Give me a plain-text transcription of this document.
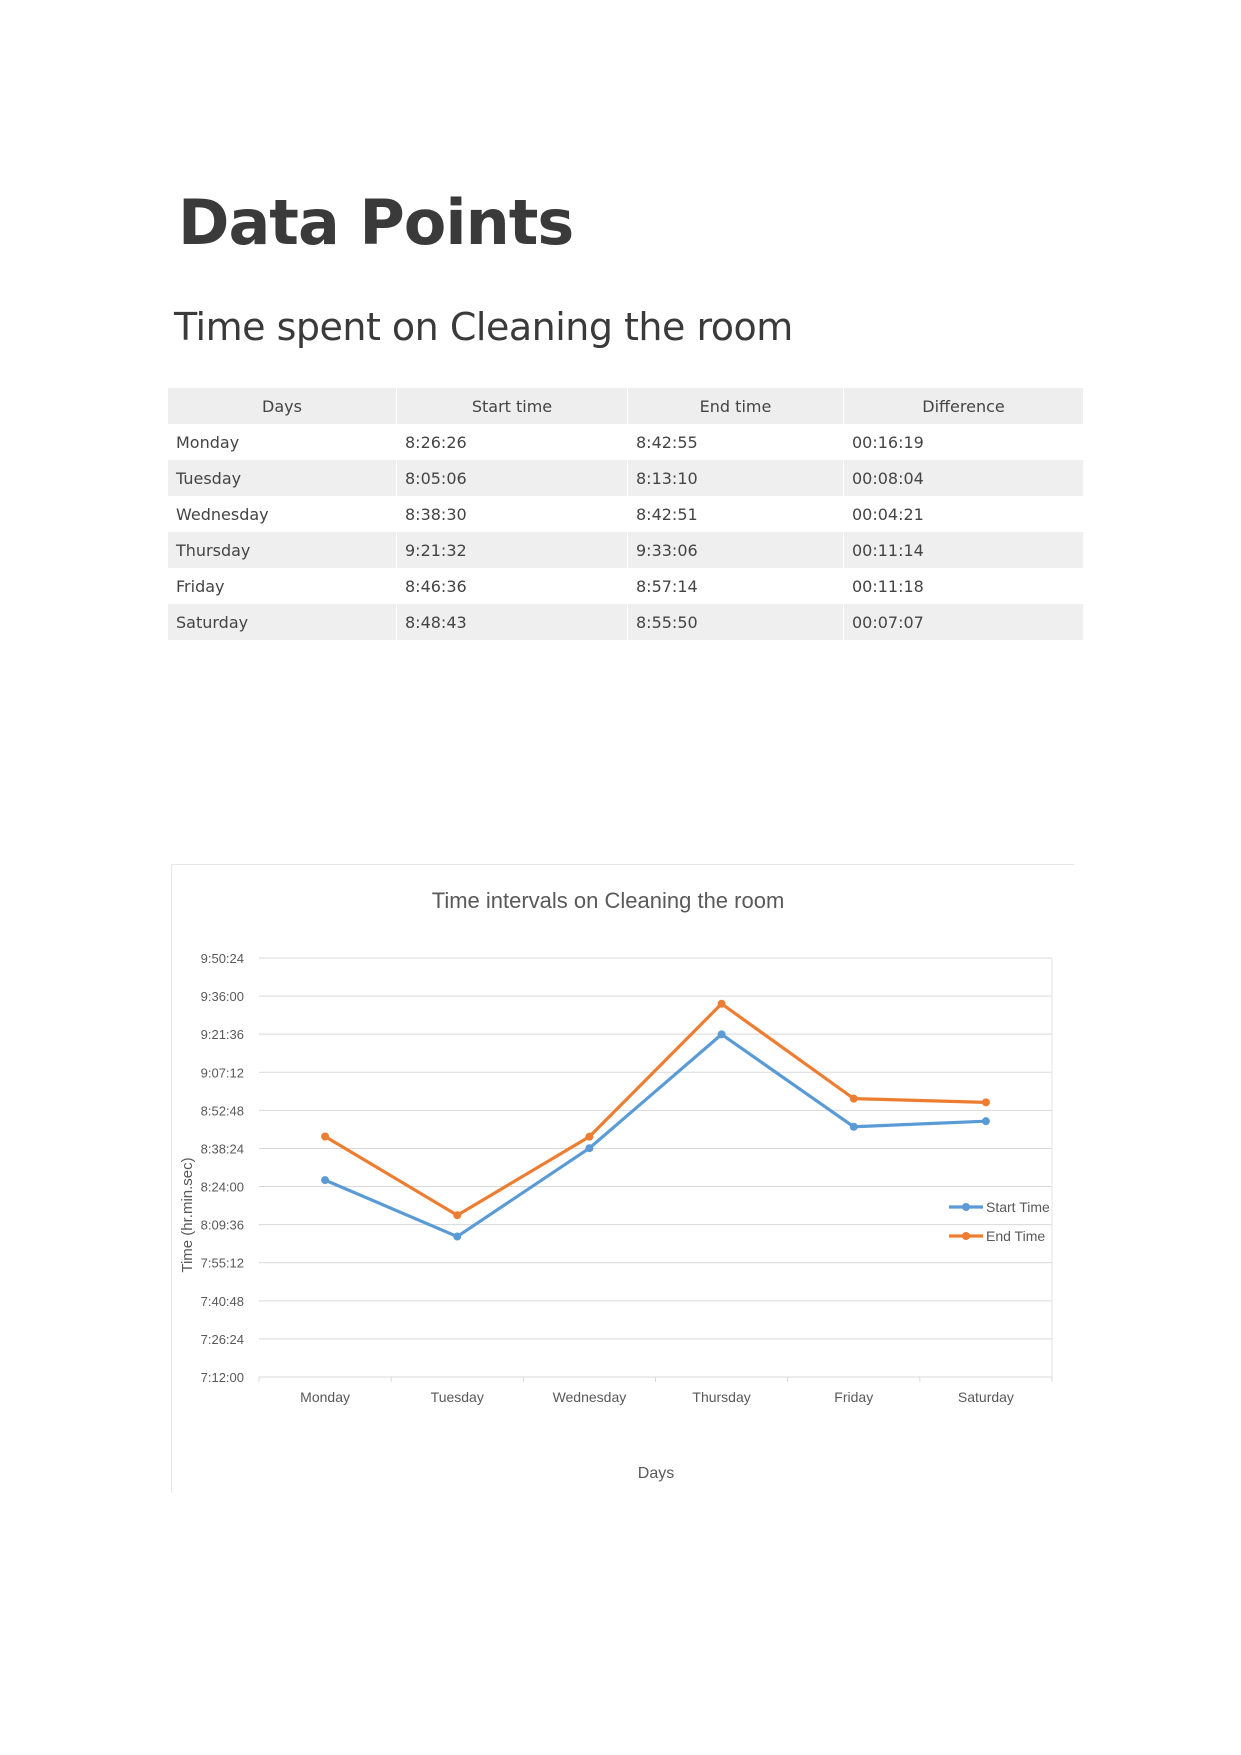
Data Points
Time spent on Cleaning the room
Days	Start time	End time	Difference
Monday	8:26:26	8:42:55	00:16:19
Tuesday	8:05:06	8:13:10	00:08:04
Wednesday	8:38:30	8:42:51	00:04:21
Thursday	9:21:32	9:33:06	00:11:14
Friday	8:46:36	8:57:14	00:11:18
Saturday	8:48:43	8:55:50	00:07:07
Time intervals on Cleaning the room
7:12:00
7:26:24
7:40:48
7:55:12
8:09:36
8:24:00
8:38:24
8:52:48
9:07:12
9:21:36
9:36:00
9:50:24
Monday	Tuesday	Wednesday	Thursday	Friday	Saturday
Start Time
End Time
Days
Time (hr.min.sec)
